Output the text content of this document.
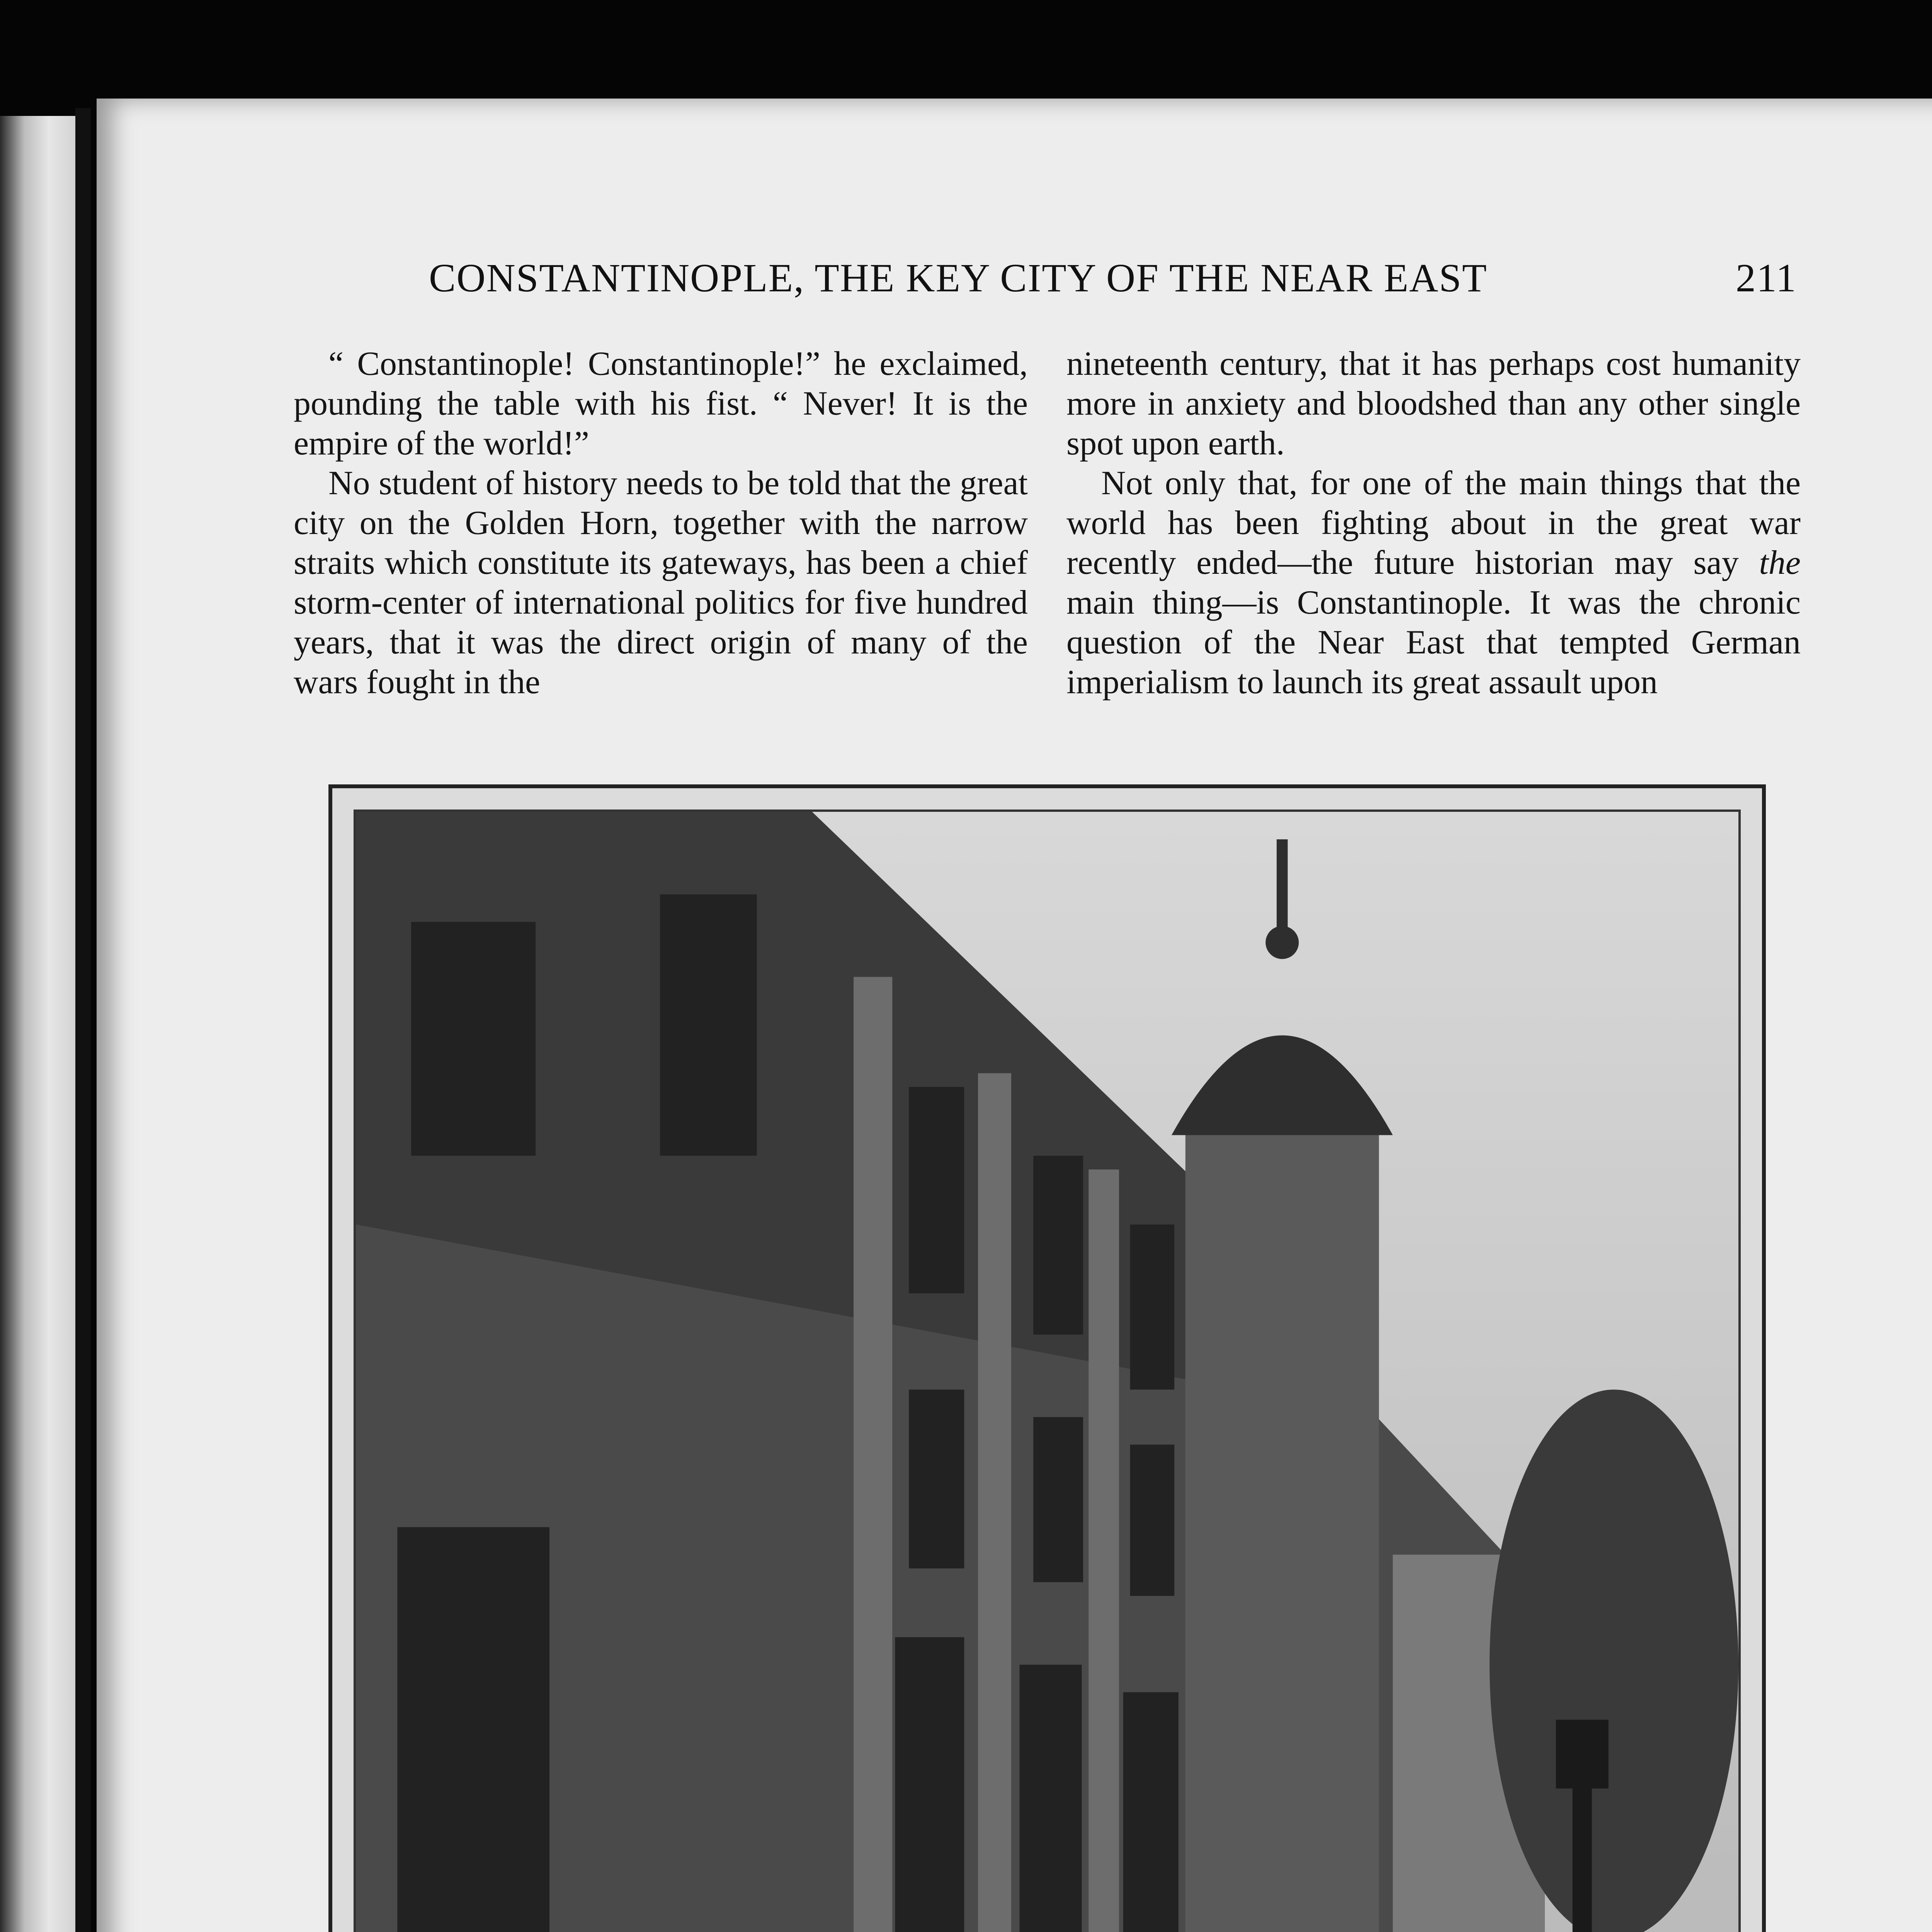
CONSTANTINOPLE, THE KEY CITY OF THE NEAR EAST	211

“ Constantinople! Constantinople!” he exclaimed, pounding the table with his fist. “ Never! It is the empire of the world!”

No student of history needs to be told that the great city on the Golden Horn, together with the narrow straits which constitute its gateways, has been a chief storm-center of international politics for five hundred years, that it was the direct origin of many of the wars fought in the

nineteenth century, that it has perhaps cost humanity more in anxiety and bloodshed than any other single spot upon earth.

Not only that, for one of the main things that the world has been fighting about in the great war recently ended—the future historian may say the main thing—is Constantinople. It was the chronic question of the Near East that tempted German imperialism to launch its great assault upon
